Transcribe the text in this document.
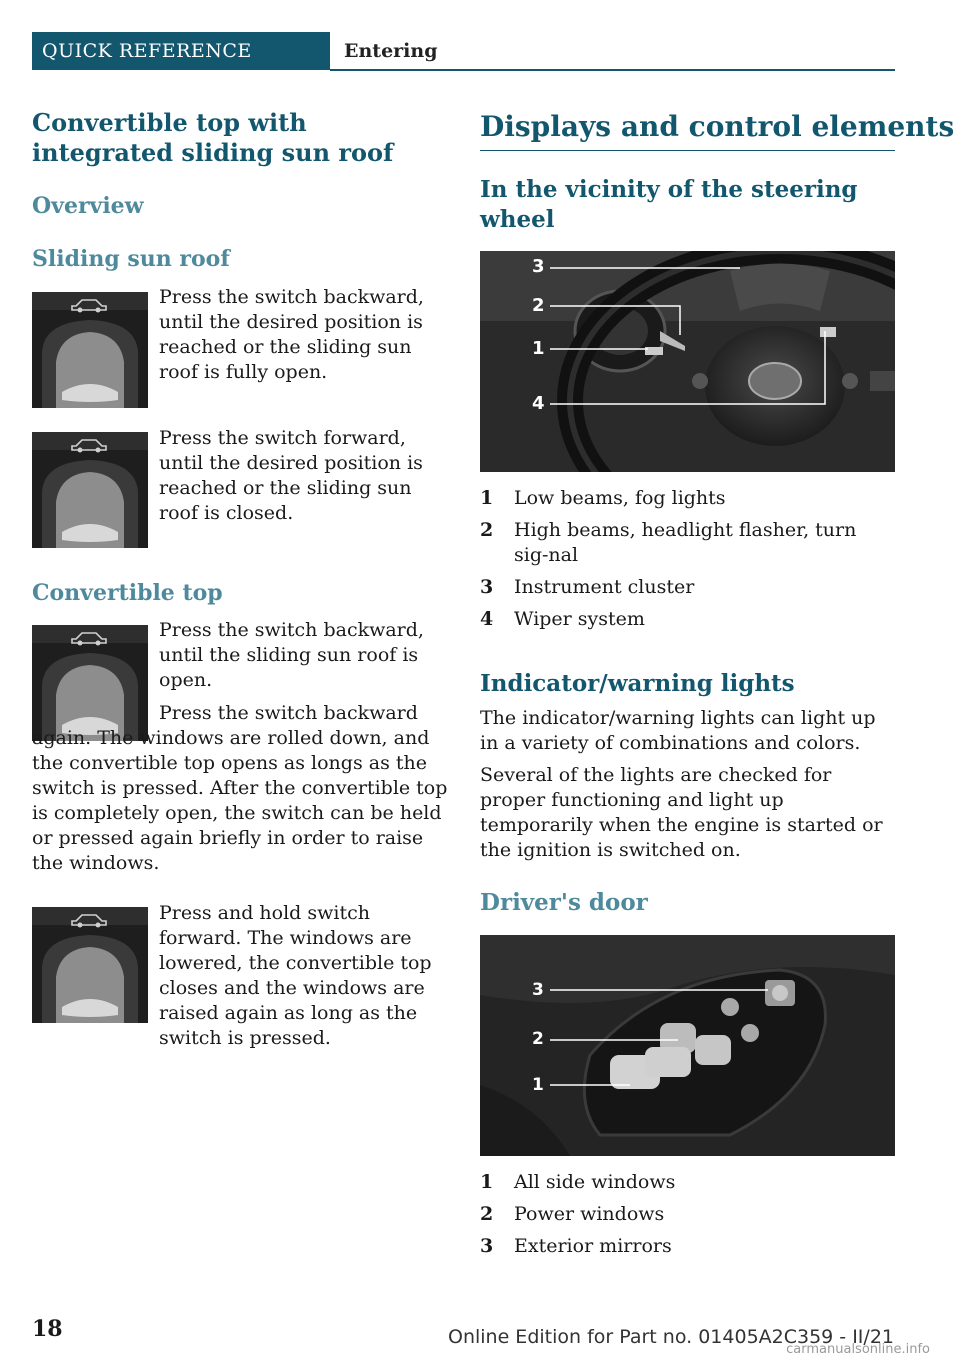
QUICK REFERENCE	Entering
Convertible top with integrated sliding sun roof
Overview
Sliding sun roof
Press the switch backward, until the desired position is reached or the sliding sun roof is fully open.
Press the switch forward, until the desired position is reached or the sliding sun roof is closed.
Convertible top
Press the switch backward, until the sliding sun roof is open.
Press the switch backward again. The windows are rolled down, and the convertible top opens as longs as the switch is pressed. After the convertible top is completely open, the switch can be held or pressed again briefly in order to raise the windows.
Press and hold switch forward. The windows are lowered, the convertible top closes and the windows are raised again as long as the switch is pressed.
Displays and control elements
In the vicinity of the steering wheel
3
2
1
4
1	Low beams, fog lights
2	High beams, headlight flasher, turn sig-nal
3	Instrument cluster
4	Wiper system
Indicator/warning lights
The indicator/warning lights can light up in a variety of combinations and colors.
Several of the lights are checked for proper functioning and light up temporarily when the engine is started or the ignition is switched on.
Driver's door
3
2
1
1	All side windows
2	Power windows
3	Exterior mirrors
18	Online Edition for Part no. 01405A2C359 - II/21
carmanualsonline.info
